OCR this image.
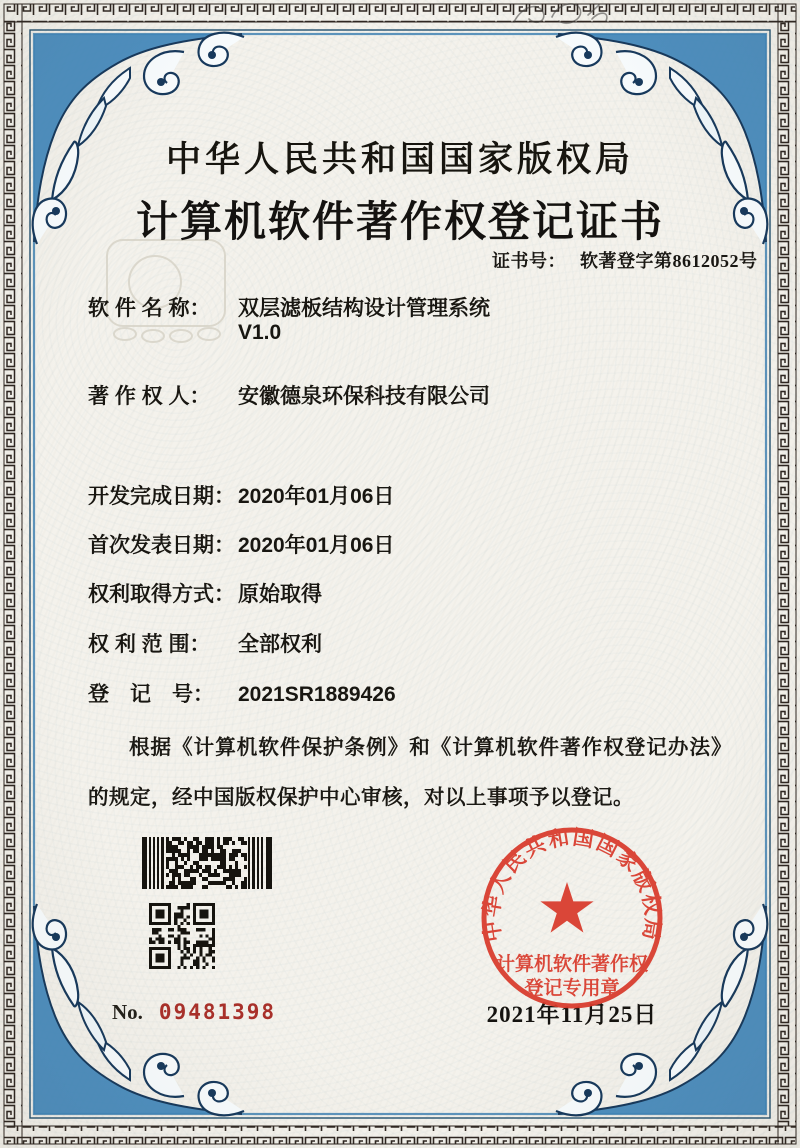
中华人民共和国国家版权局
计算机软件著作权登记证书
证书号： 软著登字第8612052号
软 件 名 称： 双层滤板结构设计管理系统
V1.0
著 作 权 人： 安徽德泉环保科技有限公司
开发完成日期： 2020年01月06日
首次发表日期： 2020年01月06日
权利取得方式： 原始取得
权 利 范 围： 全部权利
登　记　号： 2021SR1889426
根据《计算机软件保护条例》和《计算机软件著作权登记办法》的规定，经中国版权保护中心审核，对以上事项予以登记。
No. 09481398	2021年11月25日
中华人民共和国国家版权局
计算机软件著作权
登记专用章
